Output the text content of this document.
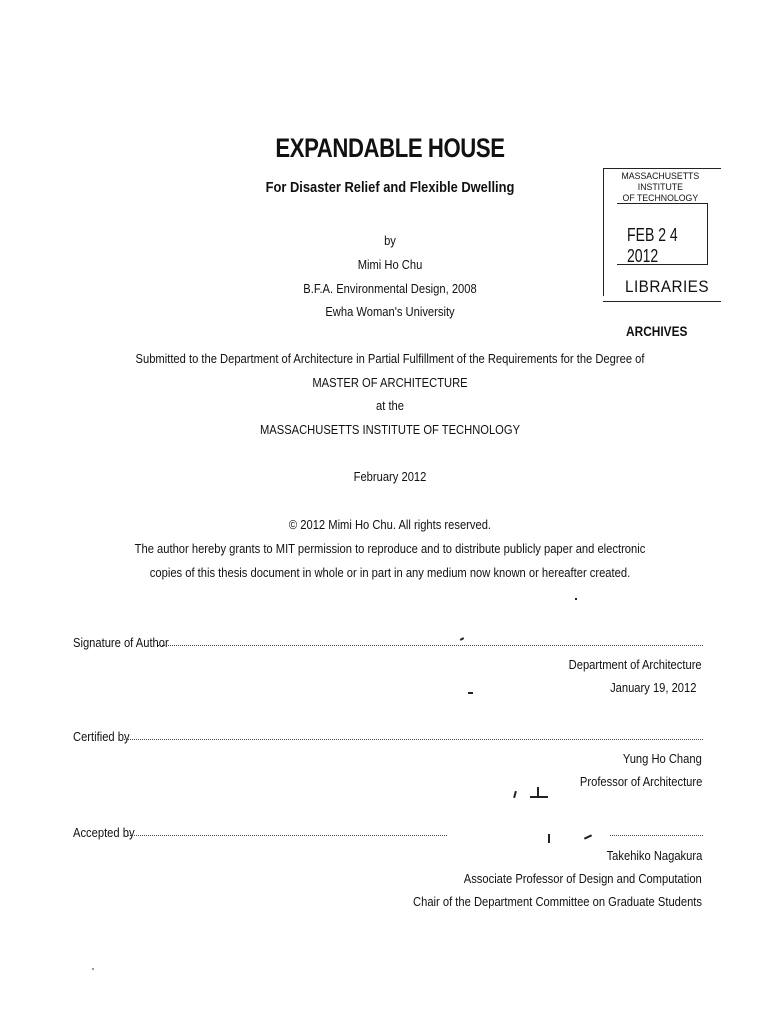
EXPANDABLE HOUSE
For Disaster Relief and Flexible Dwelling
by
Mimi Ho Chu
B.F.A. Environmental Design, 2008
Ewha Woman's University
MASSACHUSETTS INSTITUTE
OF TECHNOLOGY
FEB 2 4 2012
LIBRARIES
ARCHIVES
Submitted to the Department of Architecture in Partial Fulfillment of the Requirements for the Degree of
MASTER OF ARCHITECTURE
at the
MASSACHUSETTS INSTITUTE OF TECHNOLOGY
February 2012
© 2012 Mimi Ho Chu. All rights reserved.
The author hereby grants to MIT permission to reproduce and to distribute publicly paper and electronic
copies of this thesis document in whole or in part in any medium now known or hereafter created.
Signature of Author
Department of Architecture
January 19, 2012
Certified by
Yung Ho Chang
Professor of Architecture
Accepted by
Takehiko Nagakura
Associate Professor of Design and Computation
Chair of the Department Committee on Graduate Students
